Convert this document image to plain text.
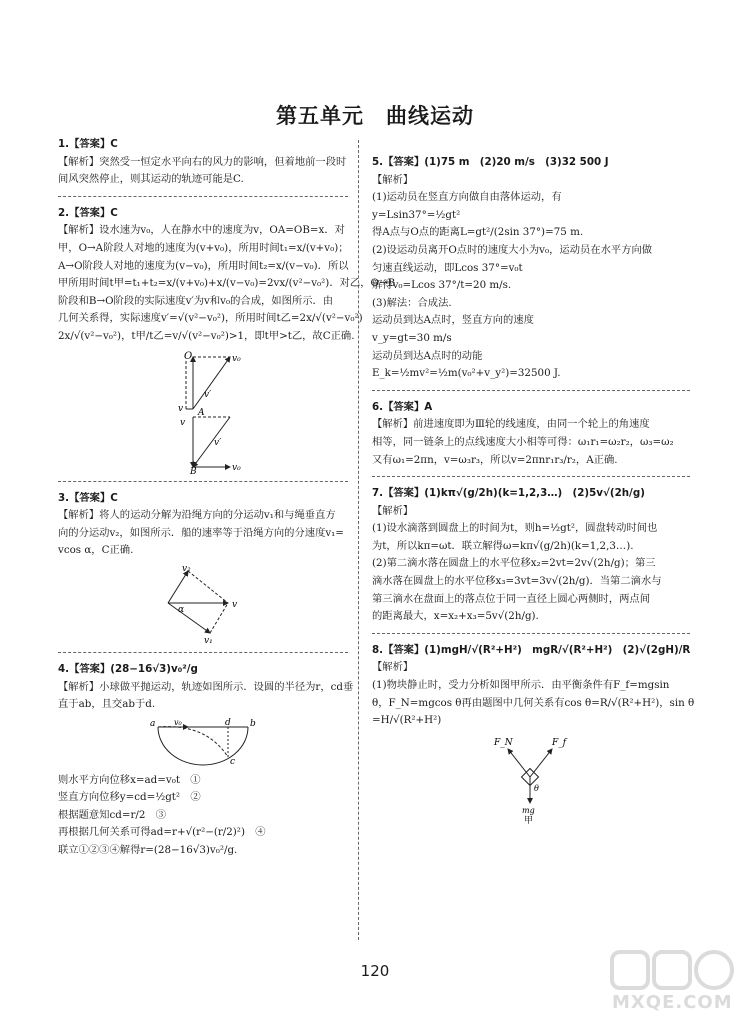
第五单元　曲线运动
1.【答案】C
【解析】突然受一恒定水平向右的风力的影响，但着地前一段时
间风突然停止，则其运动的轨迹可能是C.
2.【答案】C
【解析】设水速为v₀，人在静水中的速度为v，OA=OB=x．对
甲，O→A阶段人对地的速度为(v+v₀)，所用时间t₁=x/(v+v₀)；
A→O阶段人对地的速度为(v−v₀)，所用时间t₂=x/(v−v₀)．所以
甲所用时间t甲=t₁+t₂=x/(v+v₀)+x/(v−v₀)=2vx/(v²−v₀²)．对乙，O→B
阶段和B→O阶段的实际速度v′为v和v₀的合成，如图所示．由
几何关系得，实际速度v′=√(v²−v₀²)，所用时间t乙=2x/√(v²−v₀²)
2x/√(v²−v₀²)，t甲/t乙=v/√(v²−v₀²)>1，即t甲>t乙，故C正确.
O	v₀
v
v′
A
v
v′
v₀
B
3.【答案】C
【解析】将人的运动分解为沿绳方向的分运动v₁和与绳垂直方
向的分运动v₂，如图所示．船的速率等于沿绳方向的分速度v₁=
vcos α，C正确.
v₂
v
α
v₁
4.【答案】(28−16√3)v₀²/g
【解析】小球做平抛运动，轨迹如图所示．设圆的半径为r，cd垂
直于ab，且交ab于d.
a v₀	d b
c
则水平方向位移x=ad=v₀t　①
竖直方向位移y=cd=½gt²　②
根据题意知cd=r/2　③
再根据几何关系可得ad=r+√(r²−(r/2)²)　④
联立①②③④解得r=(28−16√3)v₀²/g.
5.【答案】(1)75 m　(2)20 m/s　(3)32 500 J
【解析】
(1)运动员在竖直方向做自由落体运动，有
y=Lsin37°=½gt²
得A点与O点的距离L=gt²/(2sin 37°)=75 m.
(2)设运动员离开O点时的速度大小为v₀，运动员在水平方向做
匀速直线运动，即Lcos 37°=v₀t
解得v₀=Lcos 37°/t=20 m/s.
(3)解法：合成法.
运动员到达A点时，竖直方向的速度
v_y=gt=30 m/s
运动员到达A点时的动能
E_k=½mv²=½m(v₀²+v_y²)=32500 J.
6.【答案】A
【解析】前进速度即为Ⅲ轮的线速度，由同一个轮上的角速度
相等，同一链条上的点线速度大小相等可得：ω₁r₁=ω₂r₂，ω₃=ω₂
又有ω₁=2πn，v=ω₃r₃，所以v=2πnr₁r₃/r₂，A正确.
7.【答案】(1)kπ√(g/2h)(k=1,2,3…)　(2)5v√(2h/g)
【解析】
(1)设水滴落到圆盘上的时间为t，则h=½gt²，圆盘转动时间也
为t，所以kπ=ωt．联立解得ω=kπ√(g/2h)(k=1,2,3…).
(2)第二滴水落在圆盘上的水平位移x₂=2vt=2v√(2h/g)；第三
滴水落在圆盘上的水平位移x₃=3vt=3v√(2h/g)．当第二滴水与
第三滴水在盘面上的落点位于同一直径上圆心两侧时，两点间
的距离最大，x=x₂+x₃=5v√(2h/g).
8.【答案】(1)mgH/√(R²+H²)　mgR/√(R²+H²)　(2)√(2gH)/R
【解析】
(1)物块静止时，受力分析如图甲所示．由平衡条件有F_f=mgsin
θ，F_N=mgcos θ再由题图中几何关系有cos θ=R/√(R²+H²)，sin θ
=H/√(R²+H²)
F_N	F_f
θ
mg
甲
120
MXQE.COM
